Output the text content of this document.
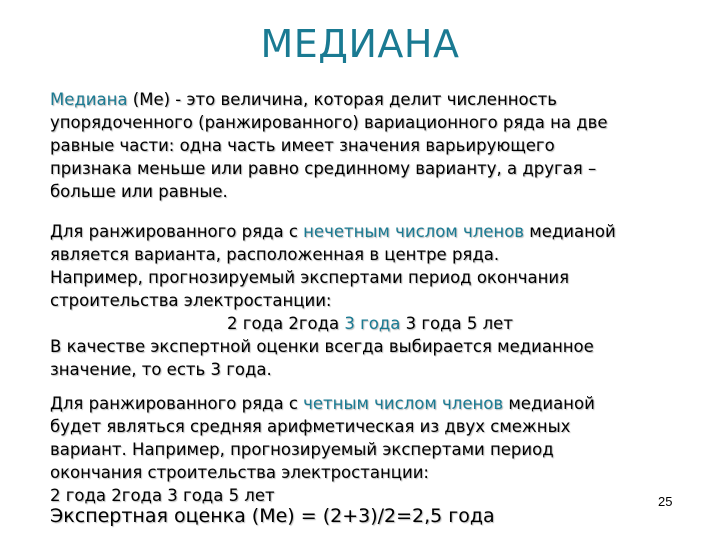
МЕДИАНА
Медиана (Ме) - это величина, которая делит численность
упорядоченного (ранжированного) вариационного ряда на две
равные части: одна часть имеет значения варьирующего
признака меньше или равно срединному варианту, а другая –
больше или равные.
Для ранжированного ряда с нечетным числом членов медианой
является варианта, расположенная в центре ряда.
Например, прогнозируемый экспертами период окончания
строительства электростанции:
2 года 2года 3 года 3 года 5 лет
В качестве экспертной оценки всегда выбирается медианное
значение, то есть 3 года.
Для ранжированного ряда с четным числом членов медианой
будет являться средняя арифметическая из двух смежных
вариант. Например, прогнозируемый экспертами период
окончания строительства электростанции:
2 года 2года 3 года 5 лет
Экспертная оценка (Ме) = (2+3)/2=2,5 года
25
